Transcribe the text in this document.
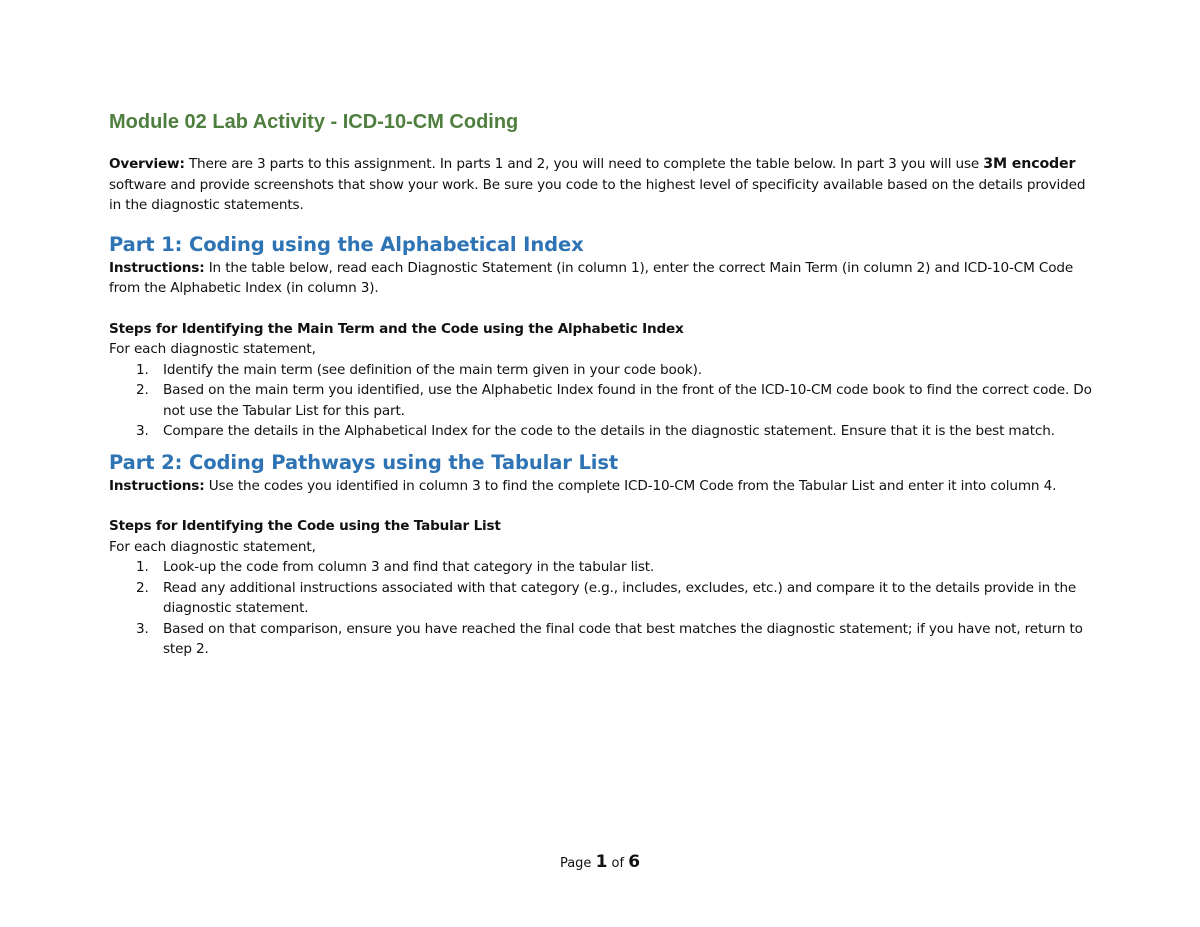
Module 02 Lab Activity - ICD-10-CM Coding

Overview: There are 3 parts to this assignment. In parts 1 and 2, you will need to complete the table below. In part 3 you will use 3M encoder software and provide screenshots that show your work. Be sure you code to the highest level of specificity available based on the details provided in the diagnostic statements.

Part 1: Coding using the Alphabetical Index

Instructions: In the table below, read each Diagnostic Statement (in column 1), enter the correct Main Term (in column 2) and ICD-10-CM Code from the Alphabetic Index (in column 3).

Steps for Identifying the Main Term and the Code using the Alphabetic Index

For each diagnostic statement,

1. Identify the main term (see definition of the main term given in your code book).
2. Based on the main term you identified, use the Alphabetic Index found in the front of the ICD-10-CM code book to find the correct code. Do not use the Tabular List for this part.
3. Compare the details in the Alphabetical Index for the code to the details in the diagnostic statement. Ensure that it is the best match.
Part 2: Coding Pathways using the Tabular List

Instructions: Use the codes you identified in column 3 to find the complete ICD-10-CM Code from the Tabular List and enter it into column 4.

Steps for Identifying the Code using the Tabular List

For each diagnostic statement,

1. Look-up the code from column 3 and find that category in the tabular list.
2. Read any additional instructions associated with that category (e.g., includes, excludes, etc.) and compare it to the details provide in the diagnostic statement.
3. Based on that comparison, ensure you have reached the final code that best matches the diagnostic statement; if you have not, return to step 2.
Page 1 of 6
